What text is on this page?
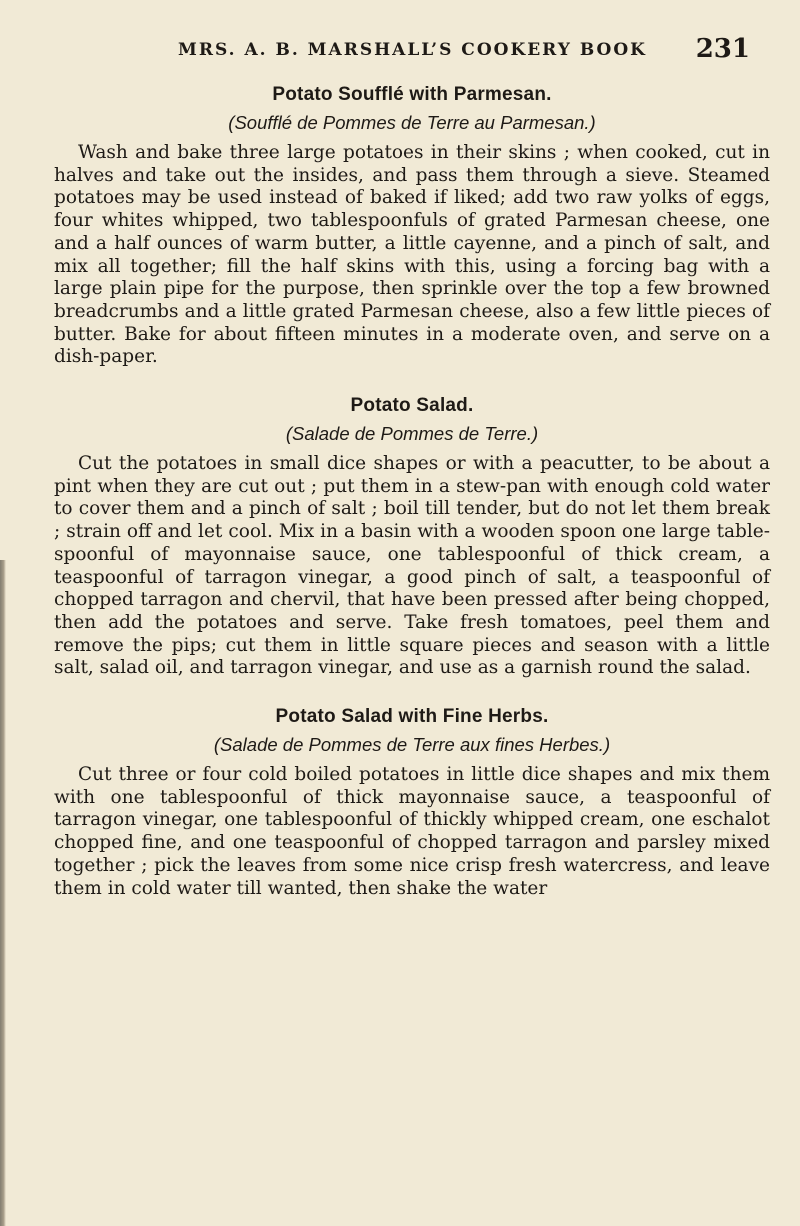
MRS. A. B. MARSHALL’S COOKERY BOOK 231
Potato Soufflé with Parmesan.
(Soufflé de Pommes de Terre au Parmesan.)

Wash and bake three large potatoes in their skins ; when cooked, cut in halves and take out the insides, and pass them through a sieve. Steamed potatoes may be used instead of baked if liked; add two raw yolks of eggs, four whites whipped, two tablespoonfuls of grated Parmesan cheese, one and a half ounces of warm butter, a little cayenne, and a pinch of salt, and mix all together; fill the half skins with this, using a forcing bag with a large plain pipe for the purpose, then sprinkle over the top a few browned breadcrumbs and a little grated Parmesan cheese, also a few little pieces of butter. Bake for about fifteen minutes in a moderate oven, and serve on a dish-paper.

Potato Salad.
(Salade de Pommes de Terre.)

Cut the potatoes in small dice shapes or with a peacutter, to be about a pint when they are cut out ; put them in a stew-pan with enough cold water to cover them and a pinch of salt ; boil till tender, but do not let them break ; strain off and let cool. Mix in a basin with a wooden spoon one large table-spoonful of mayonnaise sauce, one tablespoonful of thick cream, a teaspoonful of tarragon vinegar, a good pinch of salt, a teaspoonful of chopped tarragon and chervil, that have been pressed after being chopped, then add the potatoes and serve. Take fresh tomatoes, peel them and remove the pips; cut them in little square pieces and season with a little salt, salad oil, and tarragon vinegar, and use as a garnish round the salad.

Potato Salad with Fine Herbs.
(Salade de Pommes de Terre aux fines Herbes.)

Cut three or four cold boiled potatoes in little dice shapes and mix them with one tablespoonful of thick mayonnaise sauce, a teaspoonful of tarragon vinegar, one tablespoonful of thickly whipped cream, one eschalot chopped fine, and one teaspoonful of chopped tarragon and parsley mixed together ; pick the leaves from some nice crisp fresh watercress, and leave them in cold water till wanted, then shake the water
